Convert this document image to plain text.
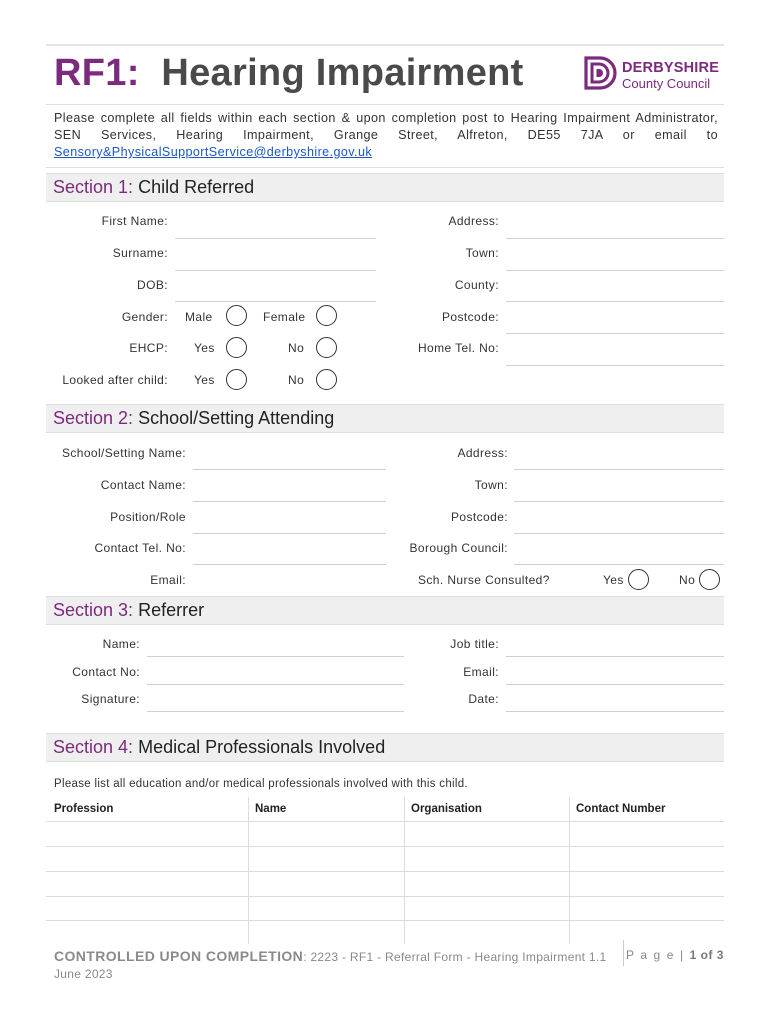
RF1: Hearing Impairment	DERBYSHIRE
County Council
Please complete all fields within each section & upon completion post to Hearing Impairment Administrator, SEN Services, Hearing Impairment, Grange Street, Alfreton, DE55 7JA or email to Sensory&PhysicalSupportService@derbyshire.gov.uk
Section 1: Child Referred
First Name:
Surname:
DOB:
Gender: Male	Female
EHCP: Yes	No
Looked after child: Yes	No
Address:
Town:
County:
Postcode:
Home Tel. No:
Section 2: School/Setting Attending
School/Setting Name:
Contact Name:
Position/Role
Contact Tel. No:
Email:
Address:
Town:
Postcode:
Borough Council:
Sch. Nurse Consulted?	Yes	No
Section 3: Referrer
Name:
Contact No:
Signature:
Job title:
Email:
Date:
Section 4: Medical Professionals Involved
Please list all education and/or medical professionals involved with this child.
Profession	Name	Organisation	Contact Number
CONTROLLED UPON COMPLETION: 2223 - RF1 - Referral Form - Hearing Impairment 1.1
June 2023
P a g e | 1 of 3
